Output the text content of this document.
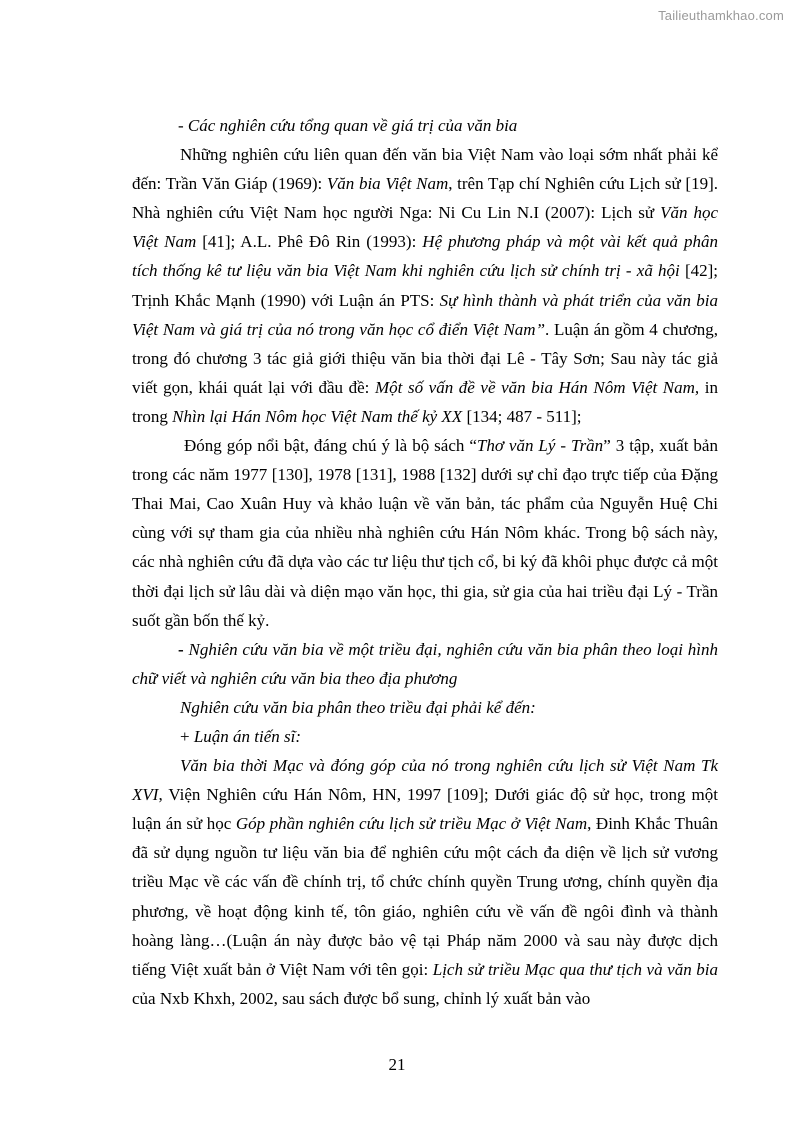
Tailieuthamkhao.com

- Các nghiên cứu tổng quan về giá trị của văn bia

Những nghiên cứu liên quan đến văn bia Việt Nam vào loại sớm nhất phải kể đến: Trần Văn Giáp (1969): Văn bia Việt Nam, trên Tạp chí Nghiên cứu Lịch sử [19]. Nhà nghiên cứu Việt Nam học người Nga: Ni Cu Lin N.I (2007): Lịch sử Văn học Việt Nam [41]; A.L. Phê Đô Rin (1993): Hệ phương pháp và một vài kết quả phân tích thống kê tư liệu văn bia Việt Nam khi nghiên cứu lịch sử chính trị - xã hội [42]; Trịnh Khắc Mạnh (1990) với Luận án PTS: Sự hình thành và phát triển của văn bia Việt Nam và giá trị của nó trong văn học cổ điển Việt Nam”. Luận án gồm 4 chương, trong đó chương 3 tác giả giới thiệu văn bia thời đại Lê - Tây Sơn; Sau này tác giả viết gọn, khái quát lại với đầu đề: Một số vấn đề về văn bia Hán Nôm Việt Nam, in trong Nhìn lại Hán Nôm học Việt Nam thế kỷ XX [134; 487 - 511];

Đóng góp nổi bật, đáng chú ý là bộ sách “Thơ văn Lý - Trần” 3 tập, xuất bản trong các năm 1977 [130], 1978 [131], 1988 [132] dưới sự chỉ đạo trực tiếp của Đặng Thai Mai, Cao Xuân Huy và khảo luận về văn bản, tác phẩm của Nguyễn Huệ Chi cùng với sự tham gia của nhiều nhà nghiên cứu Hán Nôm khác. Trong bộ sách này, các nhà nghiên cứu đã dựa vào các tư liệu thư tịch cổ, bi ký đã khôi phục được cả một thời đại lịch sử lâu dài và diện mạo văn học, thi gia, sử gia của hai triều đại Lý - Trần suốt gần bốn thế kỷ.

- Nghiên cứu văn bia về một triều đại, nghiên cứu văn bia phân theo loại hình chữ viết và nghiên cứu văn bia theo địa phương

Nghiên cứu văn bia phân theo triều đại phải kể đến:

+ Luận án tiến sĩ:

Văn bia thời Mạc và đóng góp của nó trong nghiên cứu lịch sử Việt Nam Tk XVI, Viện Nghiên cứu Hán Nôm, HN, 1997 [109]; Dưới giác độ sử học, trong một luận án sử học Góp phần nghiên cứu lịch sử triều Mạc ở Việt Nam, Đinh Khắc Thuân đã sử dụng nguồn tư liệu văn bia để nghiên cứu một cách đa diện về lịch sử vương triều Mạc về các vấn đề chính trị, tổ chức chính quyền Trung ương, chính quyền địa phương, về hoạt động kinh tế, tôn giáo, nghiên cứu về vấn đề ngôi đình và thành hoàng làng…(Luận án này được bảo vệ tại Pháp năm 2000 và sau này được dịch tiếng Việt xuất bản ở Việt Nam với tên gọi: Lịch sử triều Mạc qua thư tịch và văn bia của Nxb Khxh, 2002, sau sách được bổ sung, chỉnh lý xuất bản vào

21
